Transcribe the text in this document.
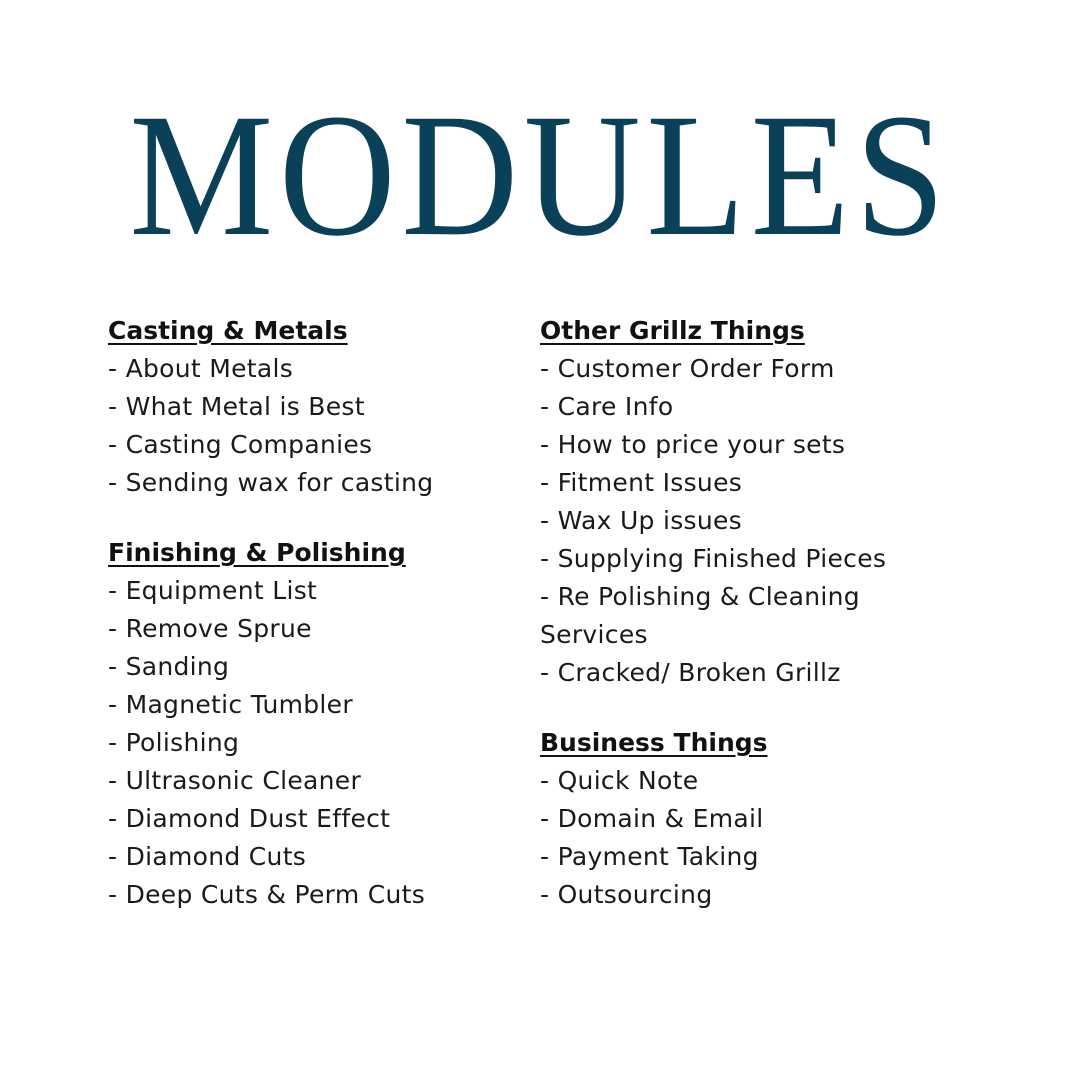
MODULES
Casting & Metals
- About Metals
- What Metal is Best
- Casting Companies
- Sending wax for casting
Finishing & Polishing
- Equipment List
- Remove Sprue
- Sanding
- Magnetic Tumbler
- Polishing
- Ultrasonic Cleaner
- Diamond Dust Effect
- Diamond Cuts
- Deep Cuts & Perm Cuts
Other Grillz Things
- Customer Order Form
- Care Info
- How to price your sets
- Fitment Issues
- Wax Up issues
- Supplying Finished Pieces
- Re Polishing & Cleaning Services
- Cracked/ Broken Grillz
Business Things
- Quick Note
- Domain & Email
- Payment Taking
- Outsourcing
